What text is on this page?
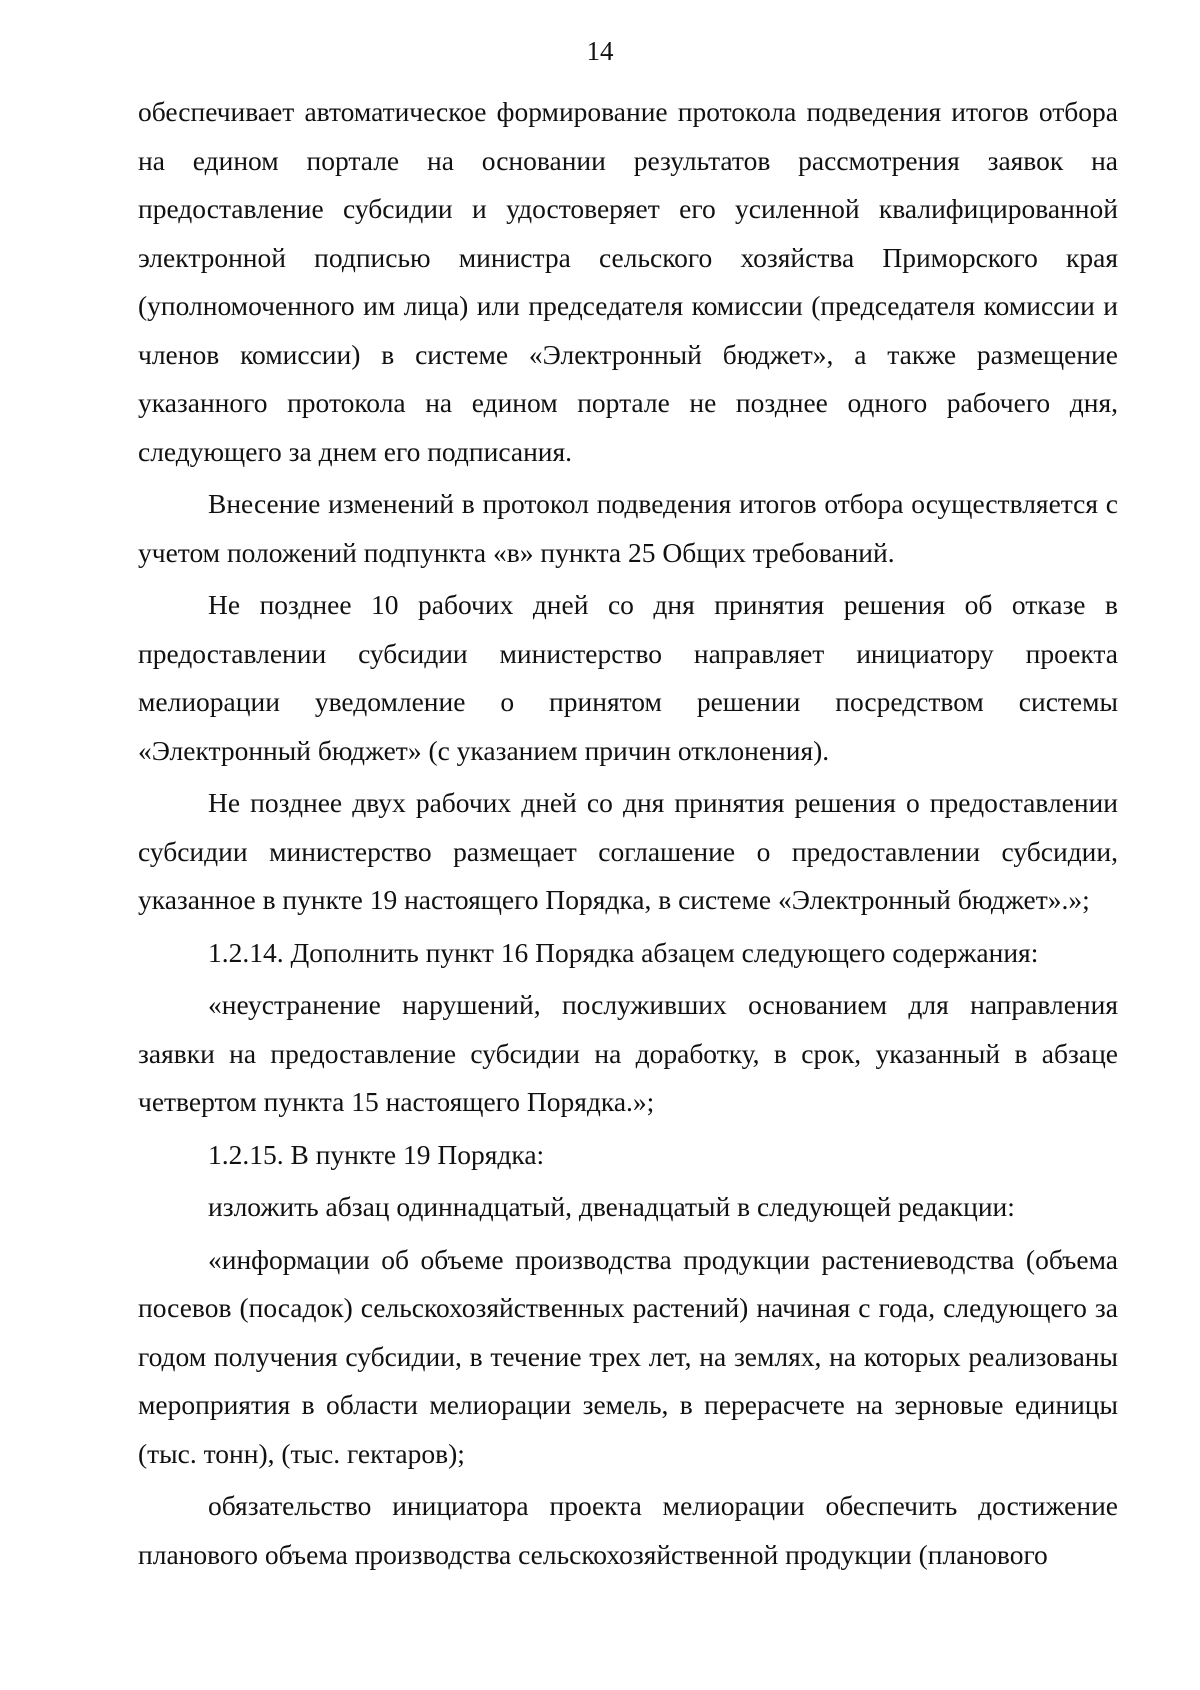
14

обеспечивает автоматическое формирование протокола подведения итогов отбора на едином портале на основании результатов рассмотрения заявок на предоставление субсидии и удостоверяет его усиленной квалифицированной электронной подписью министра сельского хозяйства Приморского края (уполномоченного им лица) или председателя комиссии (председателя комиссии и членов комиссии) в системе «Электронный бюджет», а также размещение указанного протокола на едином портале не позднее одного рабочего дня, следующего за днем его подписания.

Внесение изменений в протокол подведения итогов отбора осуществляется с учетом положений подпункта «в» пункта 25 Общих требований.

Не позднее 10 рабочих дней со дня принятия решения об отказе в предоставлении субсидии министерство направляет инициатору проекта мелиорации уведомление о принятом решении посредством системы «Электронный бюджет» (с указанием причин отклонения).

Не позднее двух рабочих дней со дня принятия решения о предоставлении субсидии министерство размещает соглашение о предоставлении субсидии, указанное в пункте 19 настоящего Порядка, в системе «Электронный бюджет».»;

1.2.14. Дополнить пункт 16 Порядка абзацем следующего содержания:

«неустранение нарушений, послуживших основанием для направления заявки на предоставление субсидии на доработку, в срок, указанный в абзаце четвертом пункта 15 настоящего Порядка.»;

1.2.15. В пункте 19 Порядка:

изложить абзац одиннадцатый, двенадцатый в следующей редакции:

«информации об объеме производства продукции растениеводства (объема посевов (посадок) сельскохозяйственных растений) начиная с года, следующего за годом получения субсидии, в течение трех лет, на землях, на которых реализованы мероприятия в области мелиорации земель, в перерасчете на зерновые единицы (тыс. тонн), (тыс. гектаров);

обязательство инициатора проекта мелиорации обеспечить достижение планового объема производства сельскохозяйственной продукции (планового
